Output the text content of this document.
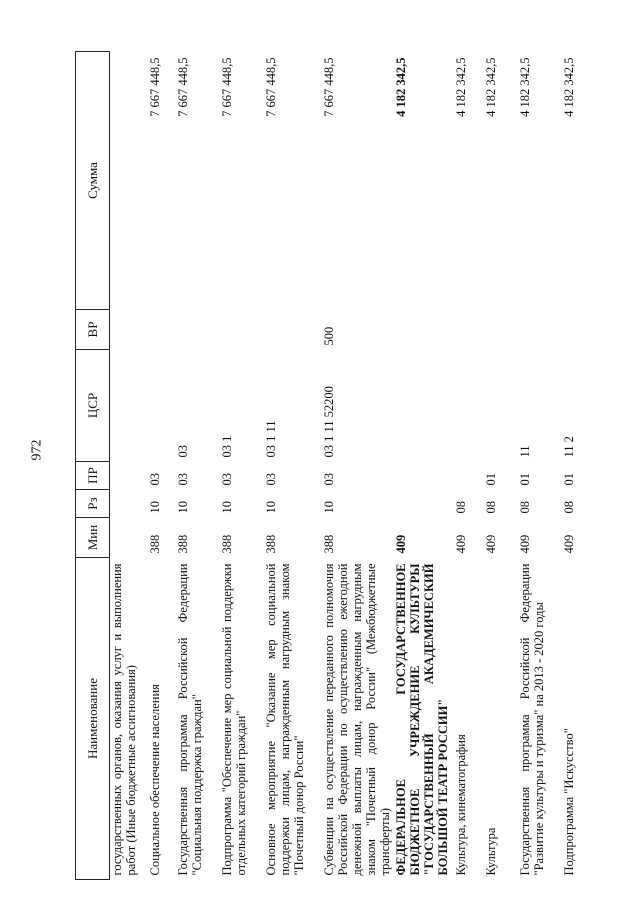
972
Наименование	Мин	Рз	ПР	ЦСР	ВР	Сумма
государственных органов, оказания услуг и выполнения работ (Иные бюджетные ассигнования)						
Социальное обеспечение населения	388	10	03			7 667 448,5
Государственная программа Российской Федерации "Социальная поддержка граждан"	388	10	03	03		7 667 448,5
Подпрограмма "Обеспечение мер социальной поддержки отдельных категорий граждан"	388	10	03	03 1		7 667 448,5
Основное мероприятие "Оказание мер социальной поддержки лицам, награжденным нагрудным знаком "Почетный донор России"	388	10	03	03 1 11		7 667 448,5
Субвенции на осуществление переданного полномочия Российской Федерации по осуществлению ежегодной денежной выплаты лицам, награжденным нагрудным знаком "Почетный донор России" (Межбюджетные трансферты)	388	10	03	03 1 11 52200	500	7 667 448,5
ФЕДЕРАЛЬНОЕ ГОСУДАРСТВЕННОЕ БЮДЖЕТНОЕ УЧРЕЖДЕНИЕ КУЛЬТУРЫ "ГОСУДАРСТВЕННЫЙ АКАДЕМИЧЕСКИЙ БОЛЬШОЙ ТЕАТР РОССИИ"	409					4 182 342,5
Культура, кинематография	409	08				4 182 342,5
Культура	409	08	01			4 182 342,5
Государственная программа Российской Федерации "Развитие культуры и туризма" на 2013 - 2020 годы	409	08	01	11		4 182 342,5
Подпрограмма "Искусство"	409	08	01	11 2		4 182 342,5
